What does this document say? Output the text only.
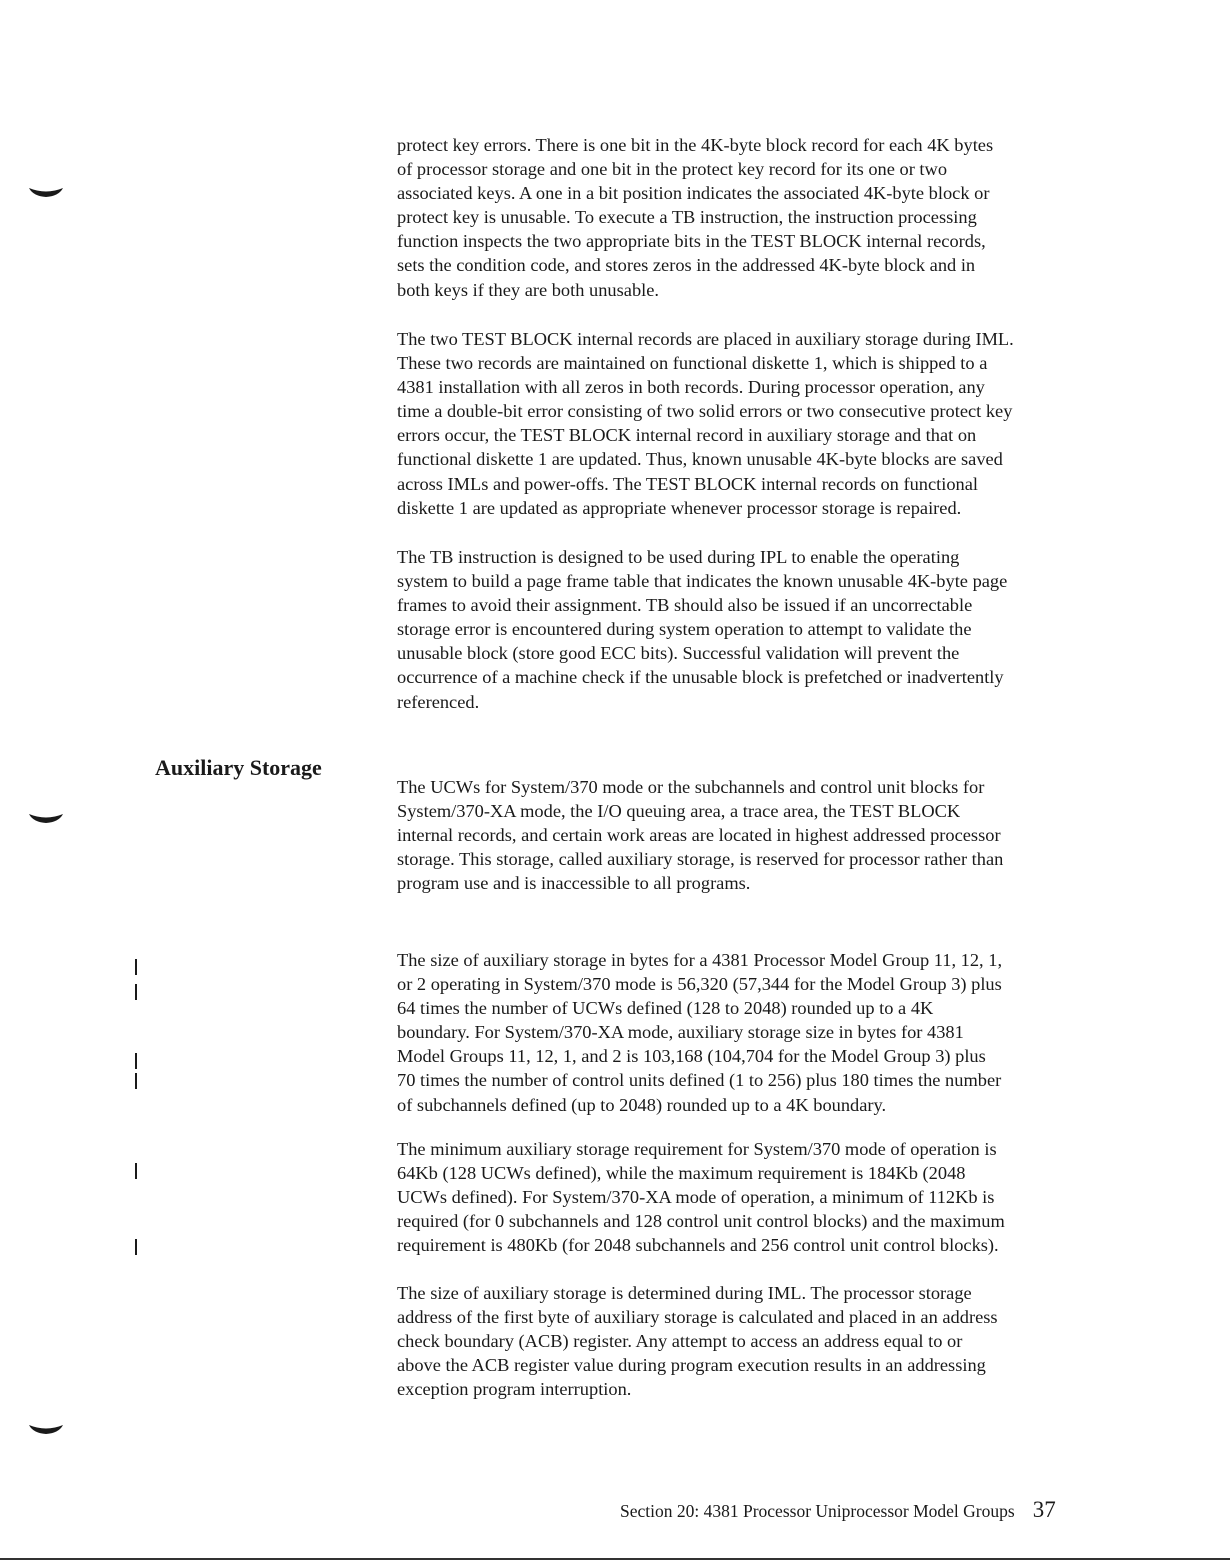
protect key errors. There is one bit in the 4K-byte block record for each 4K bytes
of processor storage and one bit in the protect key record for its one or two
associated keys. A one in a bit position indicates the associated 4K-byte block or
protect key is unusable. To execute a TB instruction, the instruction processing
function inspects the two appropriate bits in the TEST BLOCK internal records,
sets the condition code, and stores zeros in the addressed 4K-byte block and in
both keys if they are both unusable.

The two TEST BLOCK internal records are placed in auxiliary storage during IML.
These two records are maintained on functional diskette 1, which is shipped to a
4381 installation with all zeros in both records. During processor operation, any
time a double-bit error consisting of two solid errors or two consecutive protect key
errors occur, the TEST BLOCK internal record in auxiliary storage and that on
functional diskette 1 are updated. Thus, known unusable 4K-byte blocks are saved
across IMLs and power-offs. The TEST BLOCK internal records on functional
diskette 1 are updated as appropriate whenever processor storage is repaired.

The TB instruction is designed to be used during IPL to enable the operating
system to build a page frame table that indicates the known unusable 4K-byte page
frames to avoid their assignment. TB should also be issued if an uncorrectable
storage error is encountered during system operation to attempt to validate the
unusable block (store good ECC bits). Successful validation will prevent the
occurrence of a machine check if the unusable block is prefetched or inadvertently
referenced.

Auxiliary Storage

The UCWs for System/370 mode or the subchannels and control unit blocks for
System/370-XA mode, the I/O queuing area, a trace area, the TEST BLOCK
internal records, and certain work areas are located in highest addressed processor
storage. This storage, called auxiliary storage, is reserved for processor rather than
program use and is inaccessible to all programs.

The size of auxiliary storage in bytes for a 4381 Processor Model Group 11, 12, 1,
or 2 operating in System/370 mode is 56,320 (57,344 for the Model Group 3) plus
64 times the number of UCWs defined (128 to 2048) rounded up to a 4K
boundary. For System/370-XA mode, auxiliary storage size in bytes for 4381
Model Groups 11, 12, 1, and 2 is 103,168 (104,704 for the Model Group 3) plus
70 times the number of control units defined (1 to 256) plus 180 times the number
of subchannels defined (up to 2048) rounded up to a 4K boundary.

The minimum auxiliary storage requirement for System/370 mode of operation is
64Kb (128 UCWs defined), while the maximum requirement is 184Kb (2048
UCWs defined). For System/370-XA mode of operation, a minimum of 112Kb is
required (for 0 subchannels and 128 control unit control blocks) and the maximum
requirement is 480Kb (for 2048 subchannels and 256 control unit control blocks).

The size of auxiliary storage is determined during IML. The processor storage
address of the first byte of auxiliary storage is calculated and placed in an address
check boundary (ACB) register. Any attempt to access an address equal to or
above the ACB register value during program execution results in an addressing
exception program interruption.

Section 20: 4381 Processor Uniprocessor Model Groups 37
